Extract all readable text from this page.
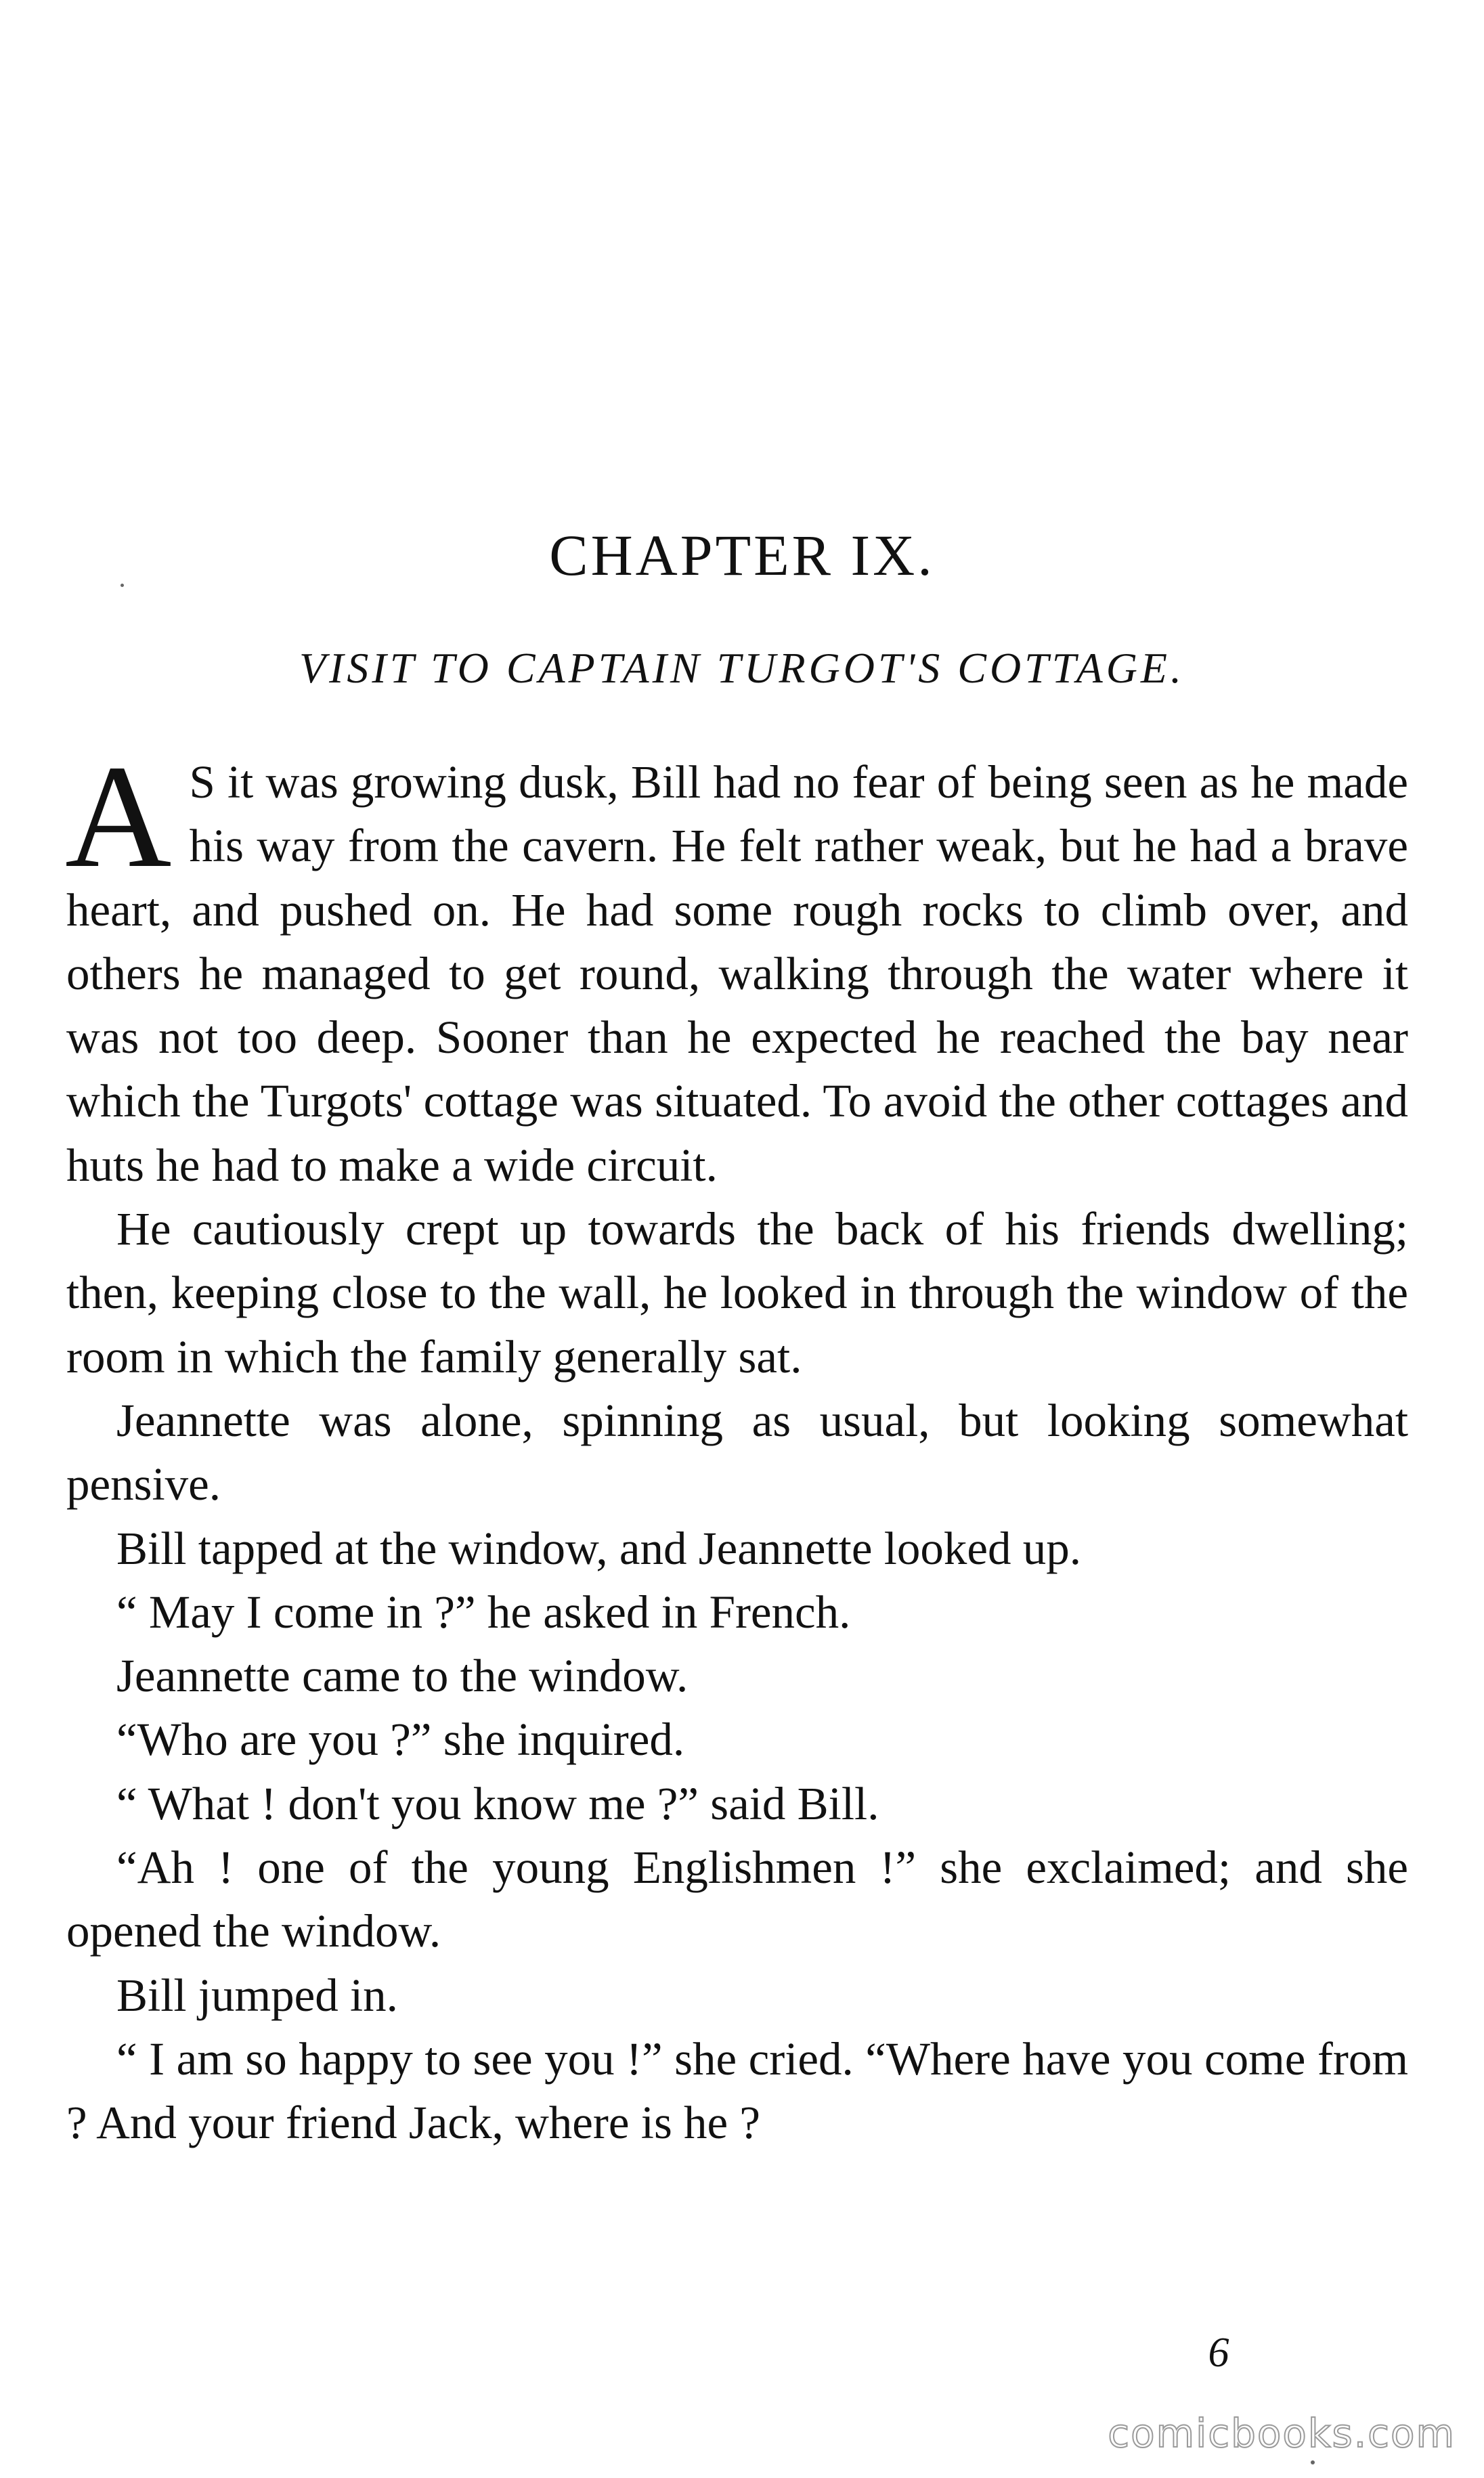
CHAPTER IX.
VISIT TO CAPTAIN TURGOT'S COTTAGE.

A S it was growing dusk, Bill had no fear of being seen as he made his way from the cavern. He felt rather weak, but he had a brave heart, and pushed on. He had some rough rocks to climb over, and others he managed to get round, walking through the water where it was not too deep. Sooner than he expected he reached the bay near which the Turgots' cottage was situated. To avoid the other cottages and huts he had to make a wide circuit.

He cautiously crept up towards the back of his friends dwelling; then, keeping close to the wall, he looked in through the window of the room in which the family generally sat.

Jeannette was alone, spinning as usual, but looking somewhat pensive.

Bill tapped at the window, and Jeannette looked up.

“ May I come in ?” he asked in French.

Jeannette came to the window.

“Who are you ?” she inquired.

“ What ! don't you know me ?” said Bill.

“Ah ! one of the young Englishmen !” she exclaimed; and she opened the window.

Bill jumped in.

“ I am so happy to see you !” she cried. “Where have you come from ? And your friend Jack, where is he ?

6
comicbooks.com
